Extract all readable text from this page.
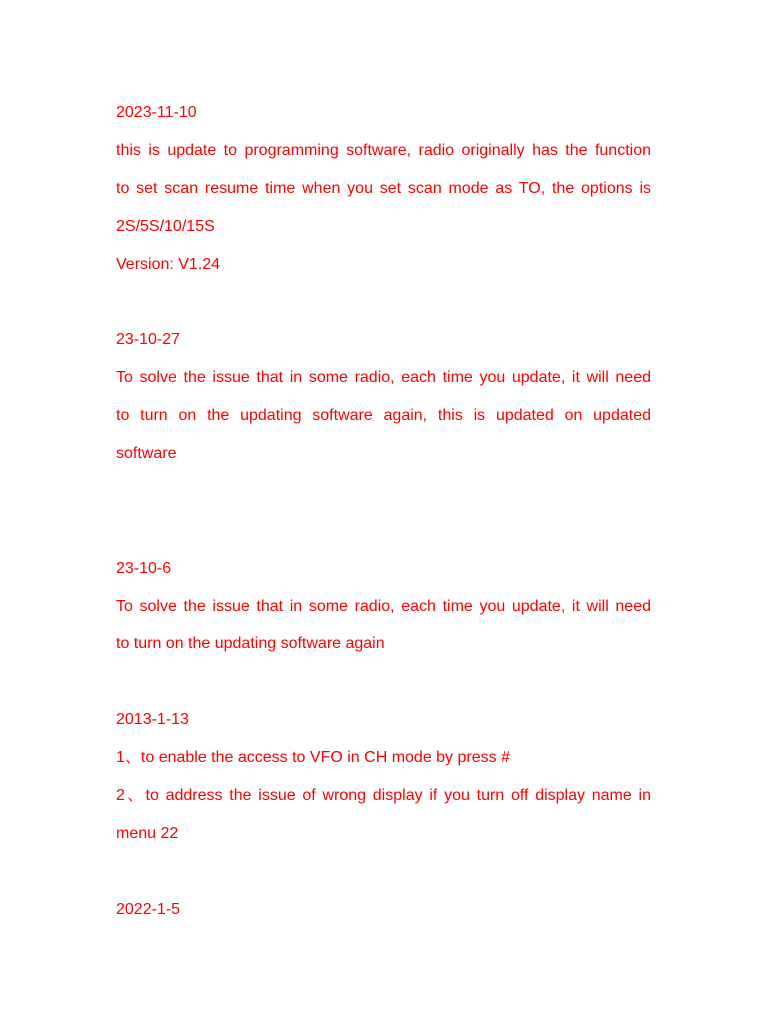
2023-11-10
this is update to programming software, radio originally has the function
to set scan resume time when you set scan mode as TO, the options is
2S/5S/10/15S
Version: V1.24
23-10-27
To solve the issue that in some radio, each time you update, it will need
to turn on the updating software again, this is updated on updated
software
23-10-6
To solve the issue that in some radio, each time you update, it will need
to turn on the updating software again
2013-1-13
1、to enable the access to VFO in CH mode by press #
2、to address the issue of wrong display if you turn off display name in
menu 22
2022-1-5
